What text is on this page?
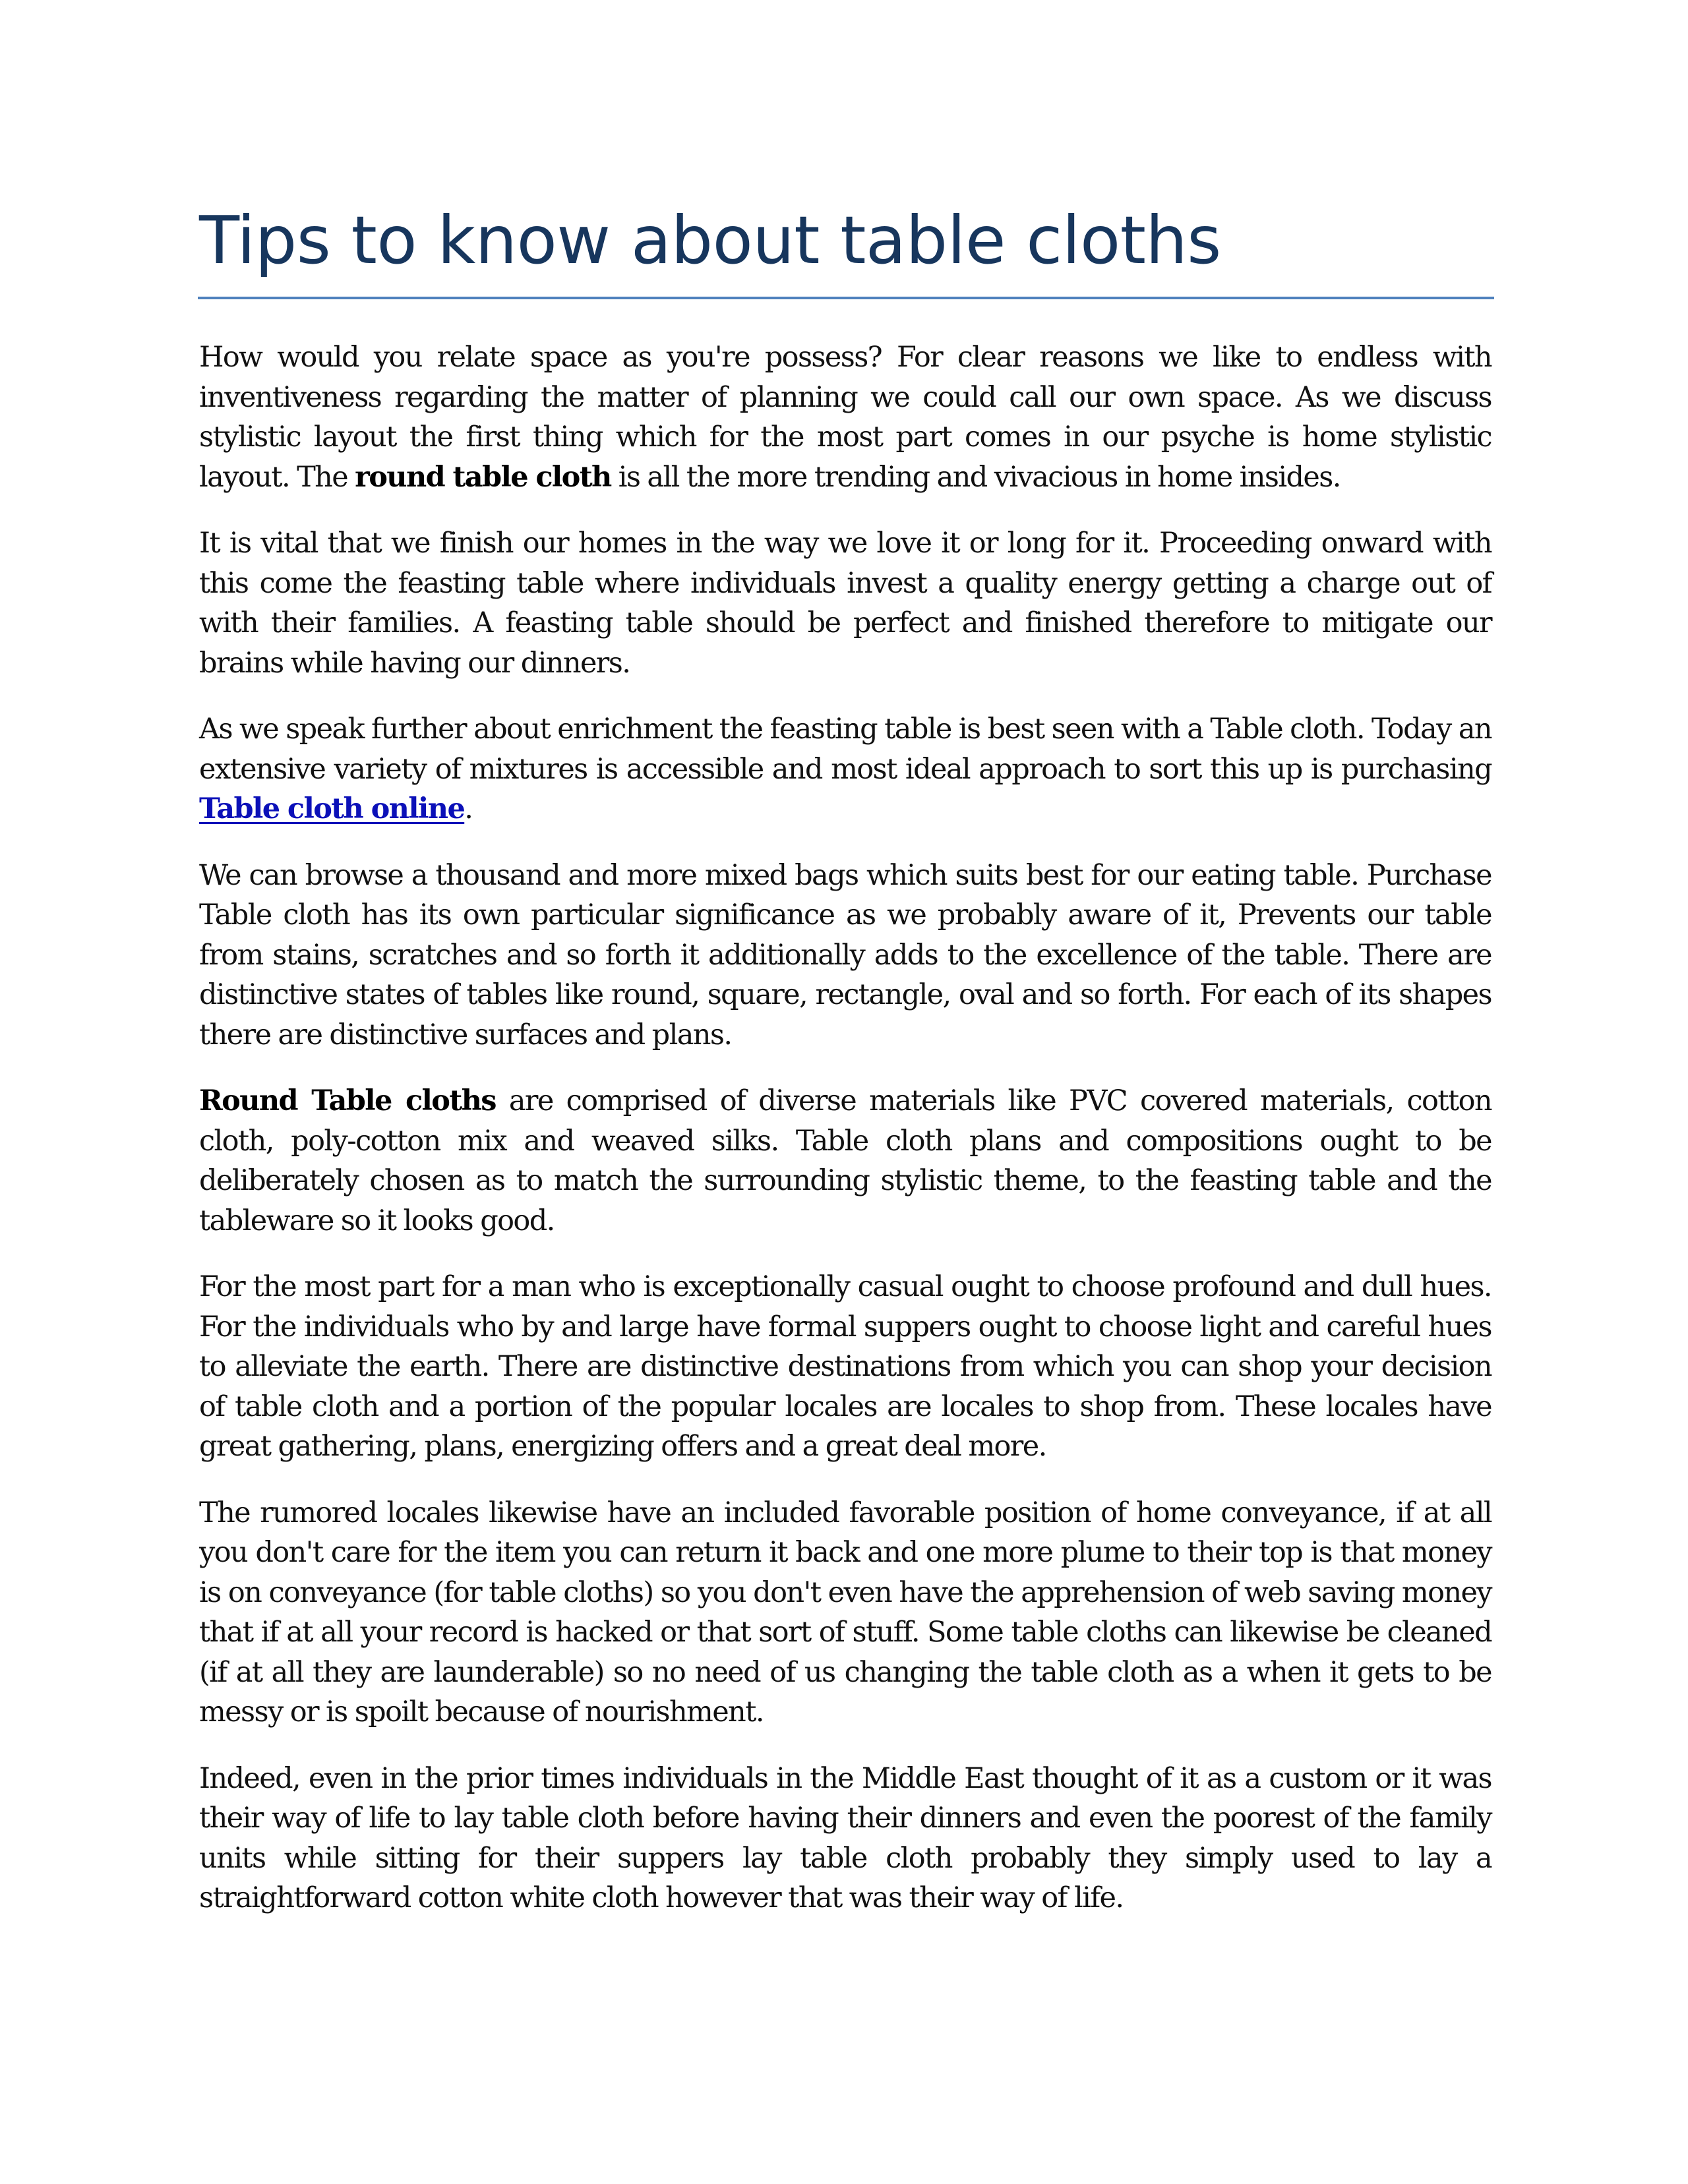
Tips to know about table cloths

How would you relate space as you're possess? For clear reasons we like to endless with inventiveness regarding the matter of planning we could call our own space. As we discuss stylistic layout the first thing which for the most part comes in our psyche is home stylistic layout. The round table cloth is all the more trending and vivacious in home insides.

It is vital that we finish our homes in the way we love it or long for it. Proceeding onward with this come the feasting table where individuals invest a quality energy getting a charge out of with their families. A feasting table should be perfect and finished therefore to mitigate our brains while having our dinners.

As we speak further about enrichment the feasting table is best seen with a Table cloth. Today an extensive variety of mixtures is accessible and most ideal approach to sort this up is purchasing Table cloth online.

We can browse a thousand and more mixed bags which suits best for our eating table. Purchase Table cloth has its own particular significance as we probably aware of it, Prevents our table from stains, scratches and so forth it additionally adds to the excellence of the table. There are distinctive states of tables like round, square, rectangle, oval and so forth. For each of its shapes there are distinctive surfaces and plans.

Round Table cloths are comprised of diverse materials like PVC covered materials, cotton cloth, poly-cotton mix and weaved silks. Table cloth plans and compositions ought to be deliberately chosen as to match the surrounding stylistic theme, to the feasting table and the tableware so it looks good.

For the most part for a man who is exceptionally casual ought to choose profound and dull hues. For the individuals who by and large have formal suppers ought to choose light and careful hues to alleviate the earth. There are distinctive destinations from which you can shop your decision of table cloth and a portion of the popular locales are locales to shop from. These locales have great gathering, plans, energizing offers and a great deal more.

The rumored locales likewise have an included favorable position of home conveyance, if at all you don't care for the item you can return it back and one more plume to their top is that money is on conveyance (for table cloths) so you don't even have the apprehension of web saving money that if at all your record is hacked or that sort of stuff. Some table cloths can likewise be cleaned (if at all they are launderable) so no need of us changing the table cloth as a when it gets to be messy or is spoilt because of nourishment.

Indeed, even in the prior times individuals in the Middle East thought of it as a custom or it was their way of life to lay table cloth before having their dinners and even the poorest of the family units while sitting for their suppers lay table cloth probably they simply used to lay a straightforward cotton white cloth however that was their way of life.
